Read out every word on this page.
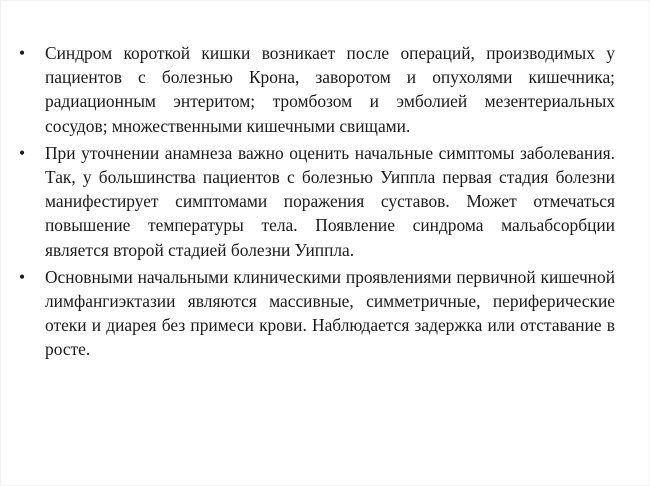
•	Синдром короткой кишки возникает после операций, производимых у пациентов с болезнью Крона, заворотом и опухолями кишечника; радиационным энтеритом; тромбозом и эмболией мезентериальных сосудов; множественными кишечными свищами.
•	При уточнении анамнеза важно оценить начальные симптомы заболевания. Так, у большинства пациентов с болезнью Уиппла первая стадия болезни манифестирует симптомами поражения суставов. Может отмечаться повышение температуры тела. Появление синдрома мальабсорбции является второй стадией болезни Уиппла.
•	Основными начальными клиническими проявлениями первичной кишечной лимфангиэктазии являются массивные, симметричные, периферические отеки и диарея без примеси крови. Наблюдается задержка или отставание в росте.
